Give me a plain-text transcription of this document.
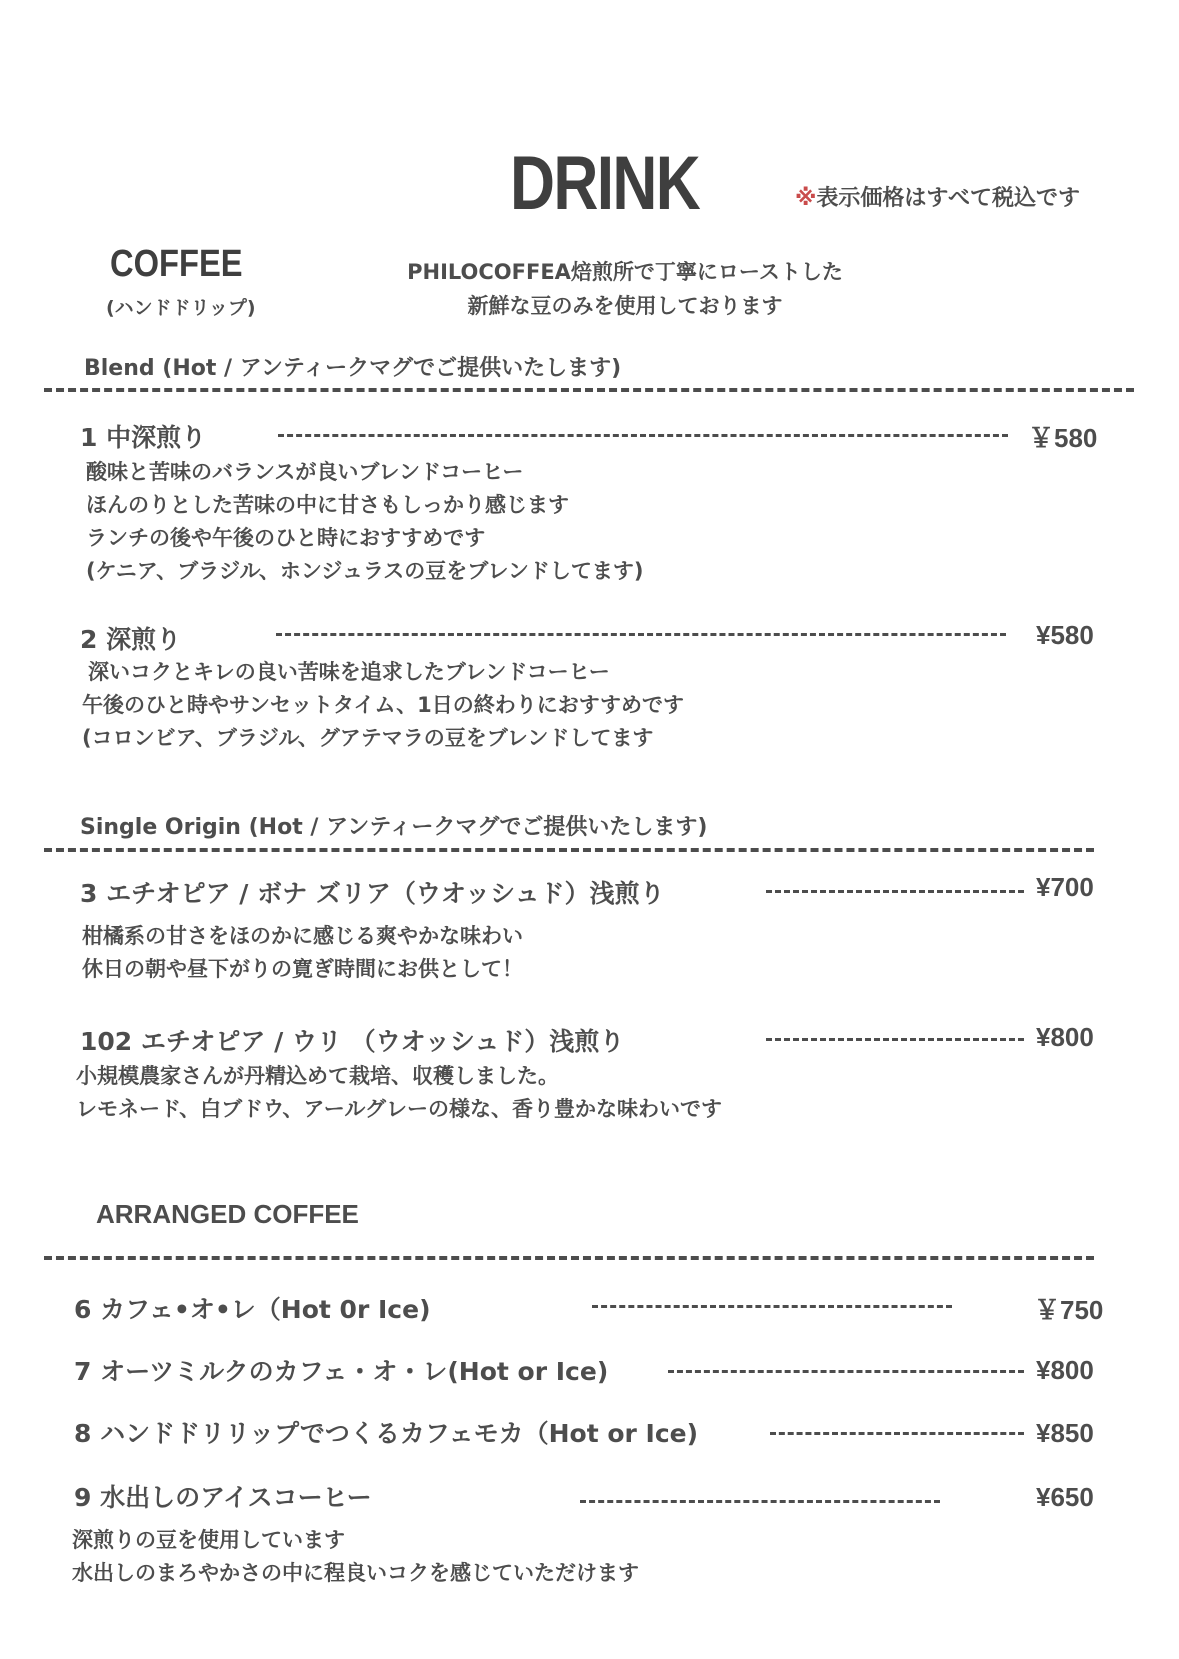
DRINK	※表示価格はすべて税込です
COFFEE
(ハンドドリップ)
PHILOCOFFEA焙煎所で丁寧にローストした
新鮮な豆のみを使用しております
Blend (Hot / アンティークマグでご提供いたします)
1 中深煎り	￥580
酸味と苦味のバランスが良いブレンドコーヒー
ほんのりとした苦味の中に甘さもしっかり感じます
ランチの後や午後のひと時におすすめです
(ケニア、ブラジル、ホンジュラスの豆をブレンドしてます)
2 深煎り	¥580
深いコクとキレの良い苦味を追求したブレンドコーヒー
午後のひと時やサンセットタイム、1日の終わりにおすすめです
(コロンビア、ブラジル、グアテマラの豆をブレンドしてます
Single Origin (Hot / アンティークマグでご提供いたします)
3 エチオピア / ボナ ズリア（ウオッシュド）浅煎り	¥700
柑橘系の甘さをほのかに感じる爽やかな味わい
休日の朝や昼下がりの寛ぎ時間にお供として！
102 エチオピア / ウリ （ウオッシュド）浅煎り	¥800
小規模農家さんが丹精込めて栽培、収穫しました。
レモネード、白ブドウ、アールグレーの様な、香り豊かな味わいです
ARRANGED COFFEE
6 カフェ•オ•レ（Hot 0r Ice)	￥750
7 オーツミルクのカフェ・オ・レ(Hot or Ice)	¥800
8 ハンドドリリップでつくるカフェモカ（Hot or Ice)	¥850
9 水出しのアイスコーヒー	¥650
深煎りの豆を使用しています
水出しのまろやかさの中に程良いコクを感じていただけます
